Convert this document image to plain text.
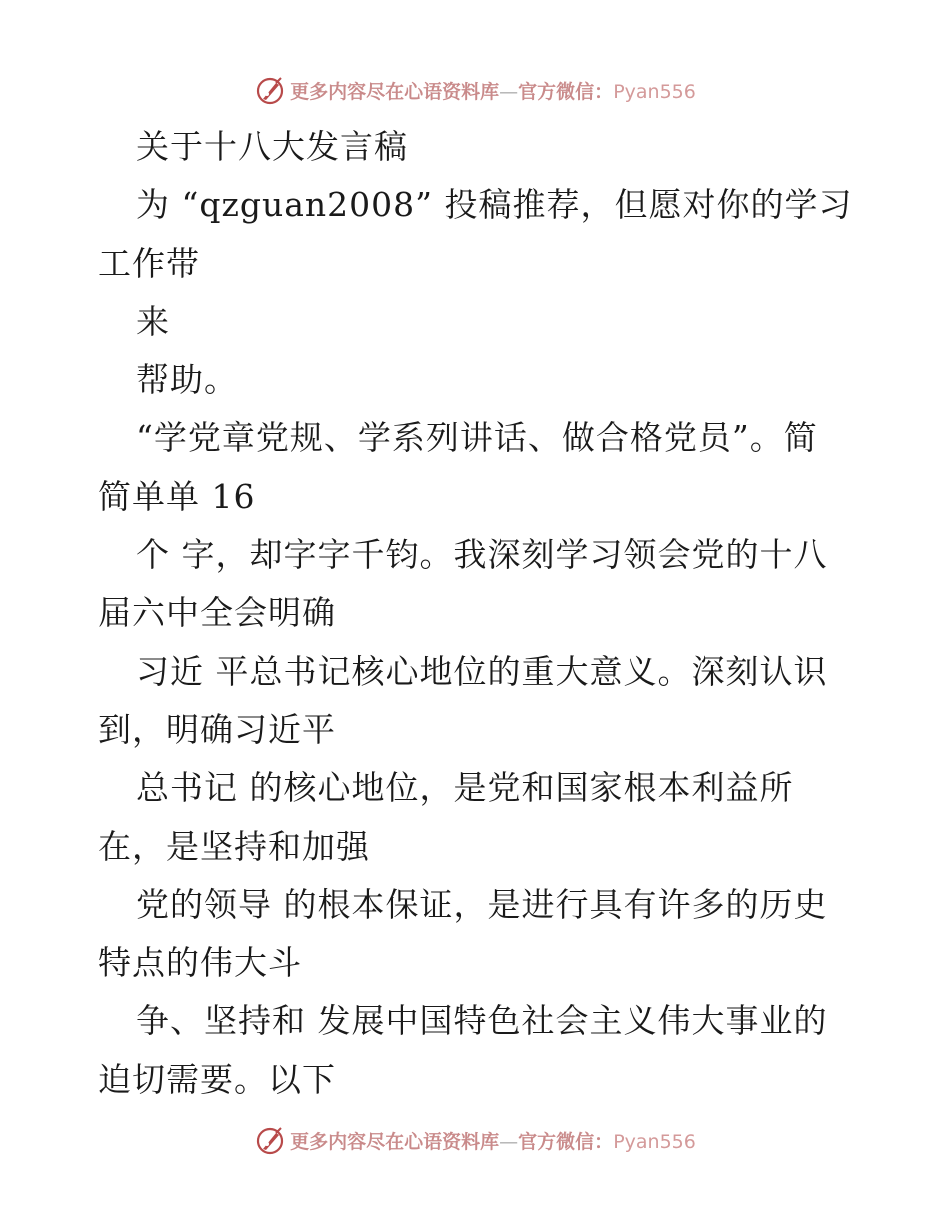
更多内容尽在心语资料库—官方微信：Pyan556
关于十八大发言稿
为 “qzguan2008” 投稿推荐，但愿对你的学习
工作带
来
帮助。
“学党章党规、学系列讲话、做合格党员”。简
简单单 16
个 字，却字字千钧。我深刻学习领会党的十八
届六中全会明确
习近 平总书记核心地位的重大意义。深刻认识
到，明确习近平
总书记 的核心地位，是党和国家根本利益所
在，是坚持和加强
党的领导 的根本保证，是进行具有许多的历史
特点的伟大斗
争、坚持和 发展中国特色社会主义伟大事业的
迫切需要。以下
更多内容尽在心语资料库—官方微信：Pyan556
